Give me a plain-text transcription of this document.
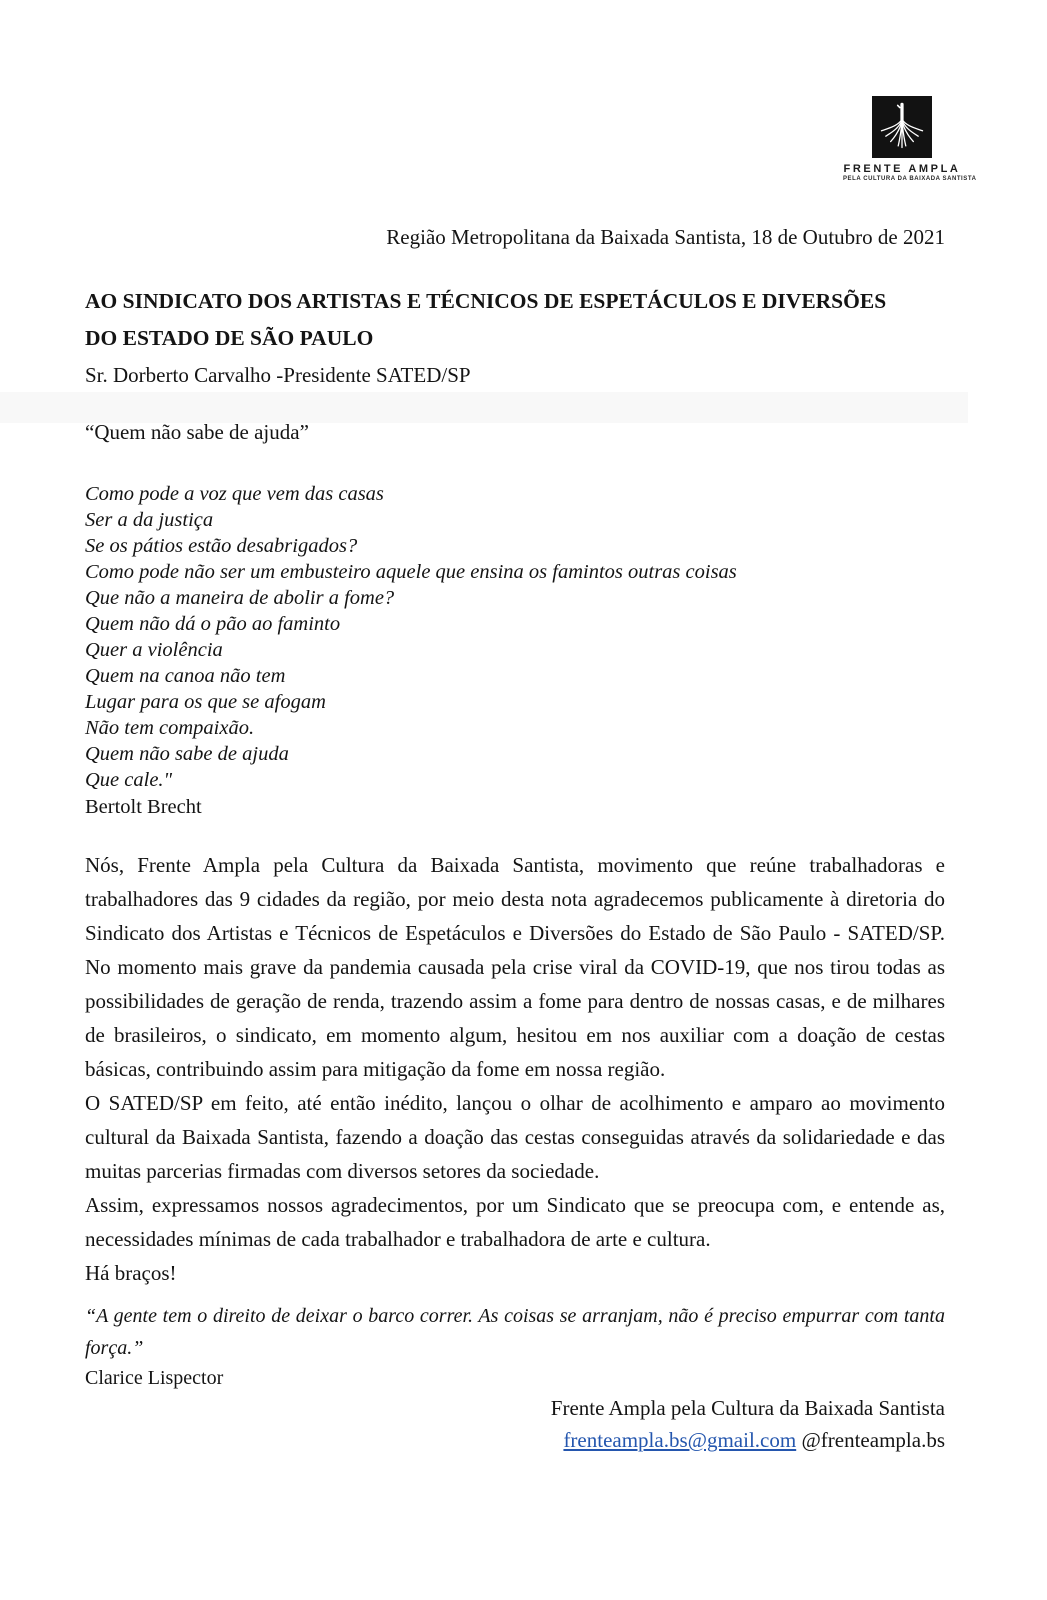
FRENTE AMPLA
PELA CULTURA DA BAIXADA SANTISTA
Região Metropolitana da Baixada Santista, 18 de Outubro de 2021
AO SINDICATO DOS ARTISTAS E TÉCNICOS DE ESPETÁCULOS E DIVERSÕES
DO ESTADO DE SÃO PAULO
Sr. Dorberto Carvalho -Presidente SATED/SP
“Quem não sabe de ajuda”
Como pode a voz que vem das casas
Ser a da justiça
Se os pátios estão desabrigados?
Como pode não ser um embusteiro aquele que ensina os famintos outras coisas
Que não a maneira de abolir a fome?
Quem não dá o pão ao faminto
Quer a violência
Quem na canoa não tem
Lugar para os que se afogam
Não tem compaixão.
Quem não sabe de ajuda
Que cale."
Bertolt Brecht

Nós, Frente Ampla pela Cultura da Baixada Santista, movimento que reúne trabalhadoras e trabalhadores das 9 cidades da região, por meio desta nota agradecemos publicamente à diretoria do Sindicato dos Artistas e Técnicos de Espetáculos e Diversões do Estado de São Paulo - SATED/SP. No momento mais grave da pandemia causada pela crise viral da COVID-19, que nos tirou todas as possibilidades de geração de renda, trazendo assim a fome para dentro de nossas casas, e de milhares de brasileiros, o sindicato, em momento algum, hesitou em nos auxiliar com a doação de cestas básicas, contribuindo assim para mitigação da fome em nossa região.

O SATED/SP em feito, até então inédito, lançou o olhar de acolhimento e amparo ao movimento cultural da Baixada Santista, fazendo a doação das cestas conseguidas através da solidariedade e das muitas parcerias firmadas com diversos setores da sociedade.

Assim, expressamos nossos agradecimentos, por um Sindicato que se preocupa com, e entende as, necessidades mínimas de cada trabalhador e trabalhadora de arte e cultura.

Há braços!
“A gente tem o direito de deixar o barco correr. As coisas se arranjam, não é preciso empurrar com tanta força.”
Clarice Lispector
Frente Ampla pela Cultura da Baixada Santista
frenteampla.bs@gmail.com @frenteampla.bs
